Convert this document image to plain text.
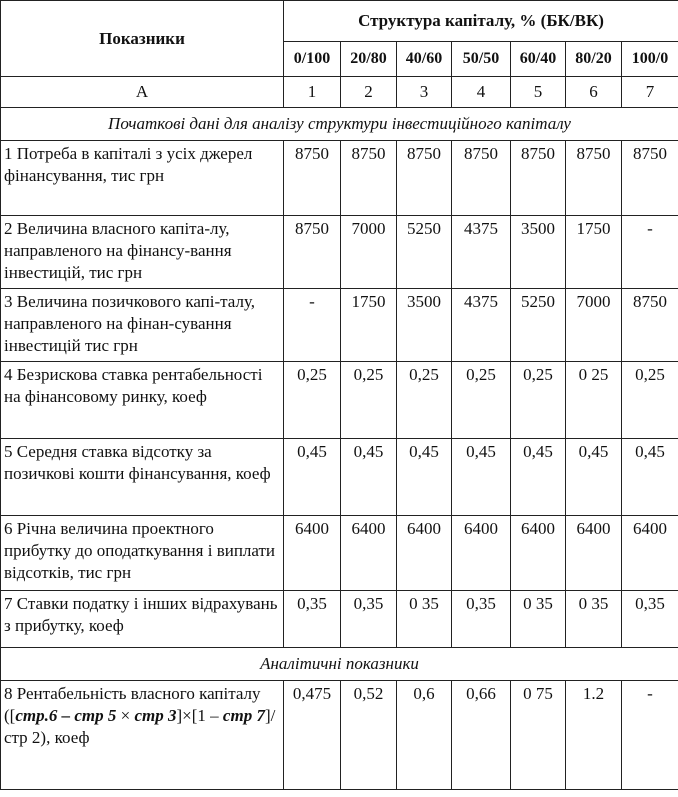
Показники	Структура капіталу, % (БК/ВК)						
	0/100	20/80	40/60	50/50	60/40	80/20	100/0
А	1	2	3	4	5	6	7
Початкові дані для аналізу структури інвестиційного капіталу							
1 Потреба в капіталі з усіх джерел фінансування, тис грн	8750	8750	8750	8750	8750	8750	8750
2 Величина власного капіта-лу, направленого на фінансу-вання інвестицій, тис грн	8750	7000	5250	4375	3500	1750	-
3 Величина позичкового капі-талу, направленого на фінан-сування інвестицій тис грн	-	1750	3500	4375	5250	7000	8750
4 Безрискова ставка рентабельності на фінансовому ринку, коеф	0,25	0,25	0,25	0,25	0,25	0 25	0,25
5 Середня ставка відсотку за позичкові кошти фінансування, коеф	0,45	0,45	0,45	0,45	0,45	0,45	0,45
6 Річна величина проектного прибутку до оподаткування і виплати відсотків, тис грн	6400	6400	6400	6400	6400	6400	6400
7 Ставки податку і інших відрахувань з прибутку, коеф	0,35	0,35	0 35	0,35	0 35	0 35	0,35
Аналітичні показники							
8 Рентабельність власного капіталу ([стр.6 – стр 5 × стр 3]×[1 – стр 7]/стр 2), коеф	0,475	0,52	0,6	0,66	0 75	1.2	-
